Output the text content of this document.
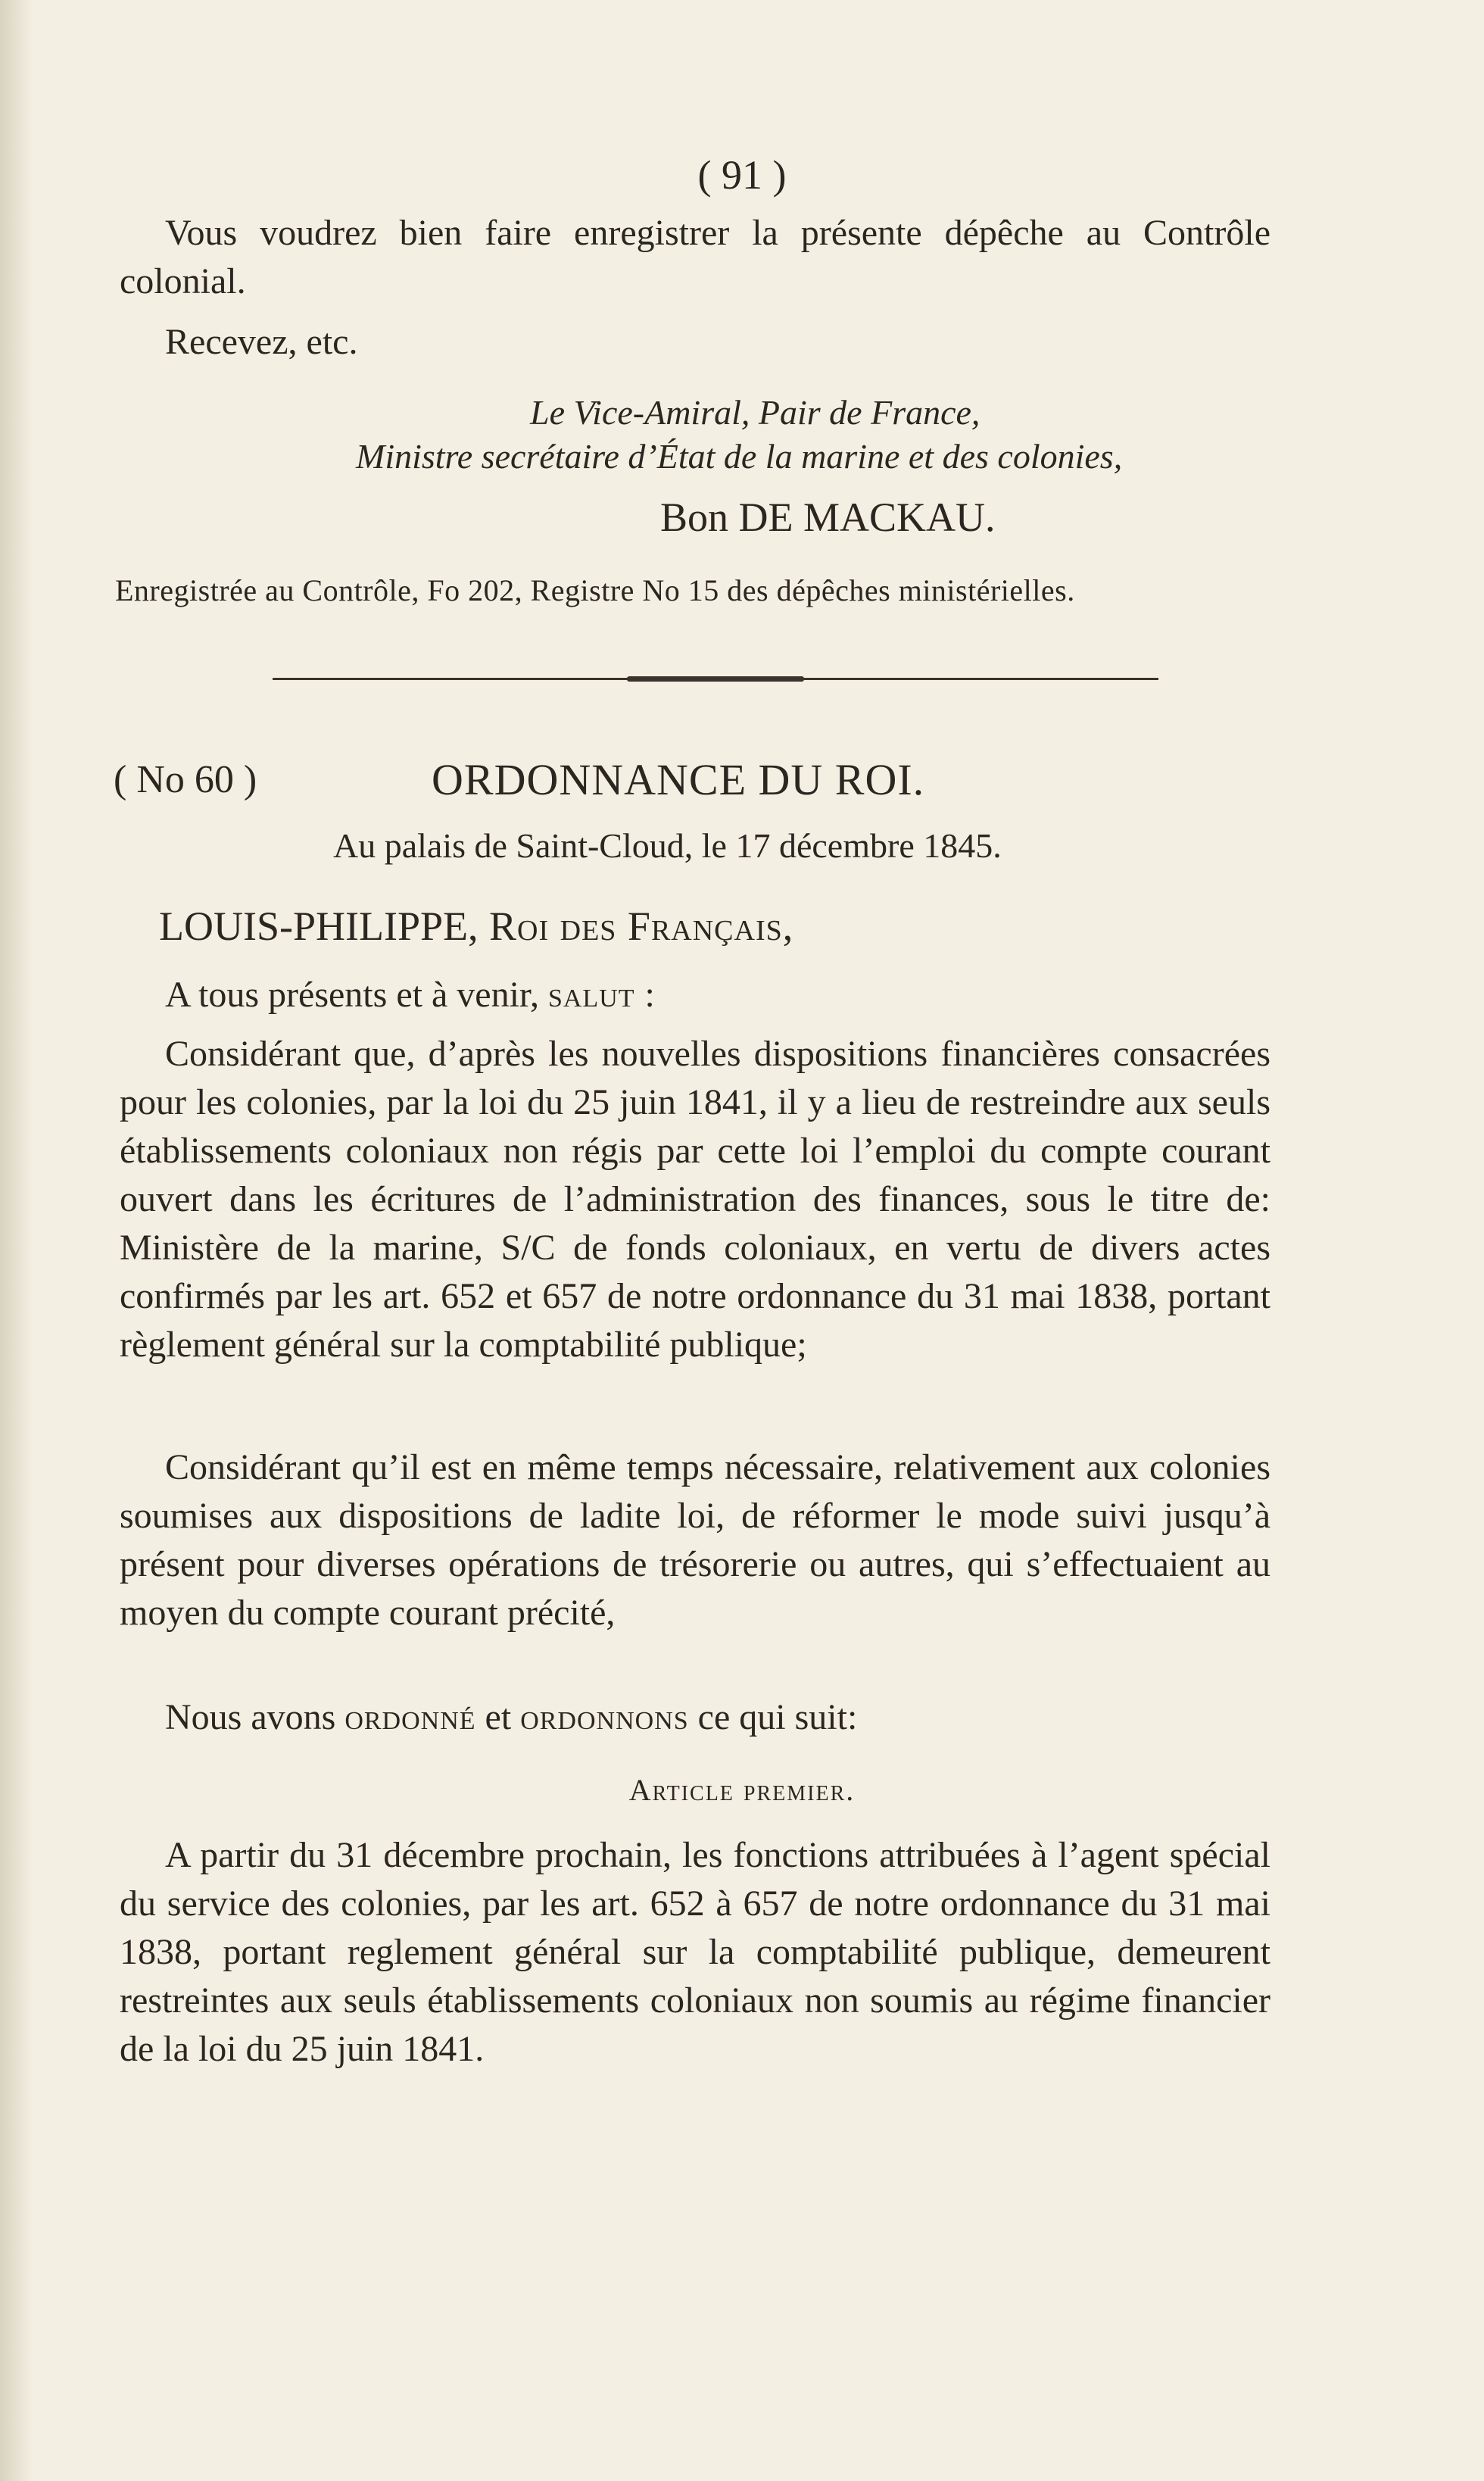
( 91 )
Vous voudrez bien faire enregistrer la présente dépêche au Contrôle colonial.
Recevez, etc.
Le Vice-Amiral, Pair de France,
Ministre secrétaire d’État de la marine et des colonies,
Bon DE MACKAU.
Enregistrée au Contrôle, Fo 202, Registre No 15 des dépêches ministérielles.
( No 60 )	ORDONNANCE DU ROI.
Au palais de Saint-Cloud, le 17 décembre 1845.
LOUIS-PHILIPPE, Roi des Français,
A tous présents et à venir, salut :
Considérant que, d’après les nouvelles dispositions financières consacrées pour les colonies, par la loi du 25 juin 1841, il y a lieu de restreindre aux seuls établissements coloniaux non régis par cette loi l’emploi du compte courant ouvert dans les écritures de l’administration des finances, sous le titre de: Ministère de la marine, S/C de fonds coloniaux, en vertu de divers actes confirmés par les art. 652 et 657 de notre ordonnance du 31 mai 1838, portant règlement général sur la comptabilité publique;
Considérant qu’il est en même temps nécessaire, relativement aux colonies soumises aux dispositions de ladite loi, de réformer le mode suivi jusqu’à présent pour diverses opérations de trésorerie ou autres, qui s’effectuaient au moyen du compte courant précité,
Nous avons ordonné et ordonnons ce qui suit:
Article premier.
A partir du 31 décembre prochain, les fonctions attribuées à l’agent spécial du service des colonies, par les art. 652 à 657 de notre ordonnance du 31 mai 1838, portant reglement général sur la comptabilité publique, demeurent restreintes aux seuls établissements coloniaux non soumis au régime financier de la loi du 25 juin 1841.
